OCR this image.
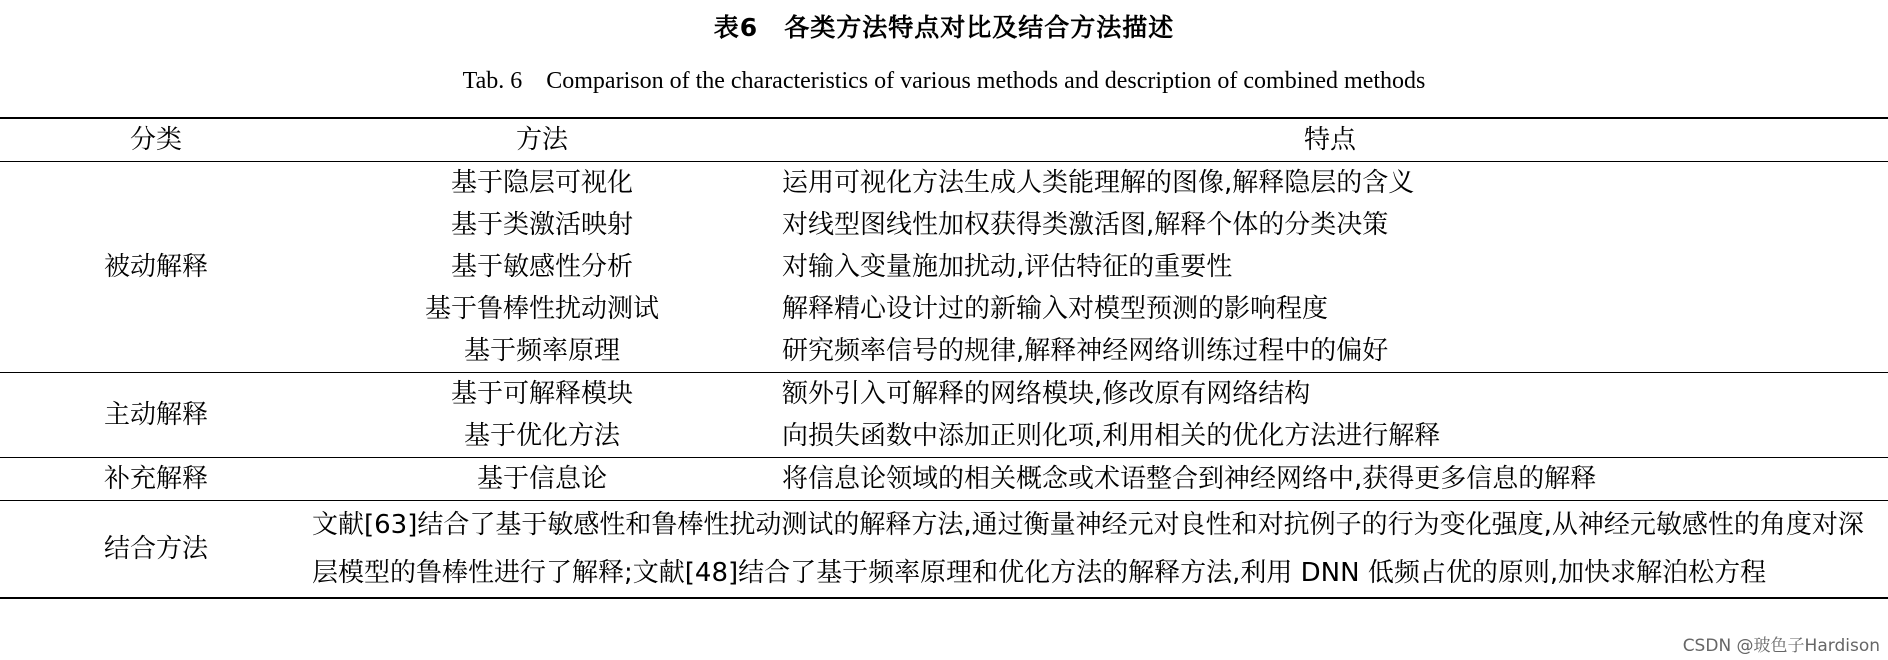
表6　各类方法特点对比及结合方法描述
Tab. 6　Comparison of the characteristics of various methods and description of combined methods
分类	方法	特点
被动解释	基于隐层可视化	运用可视化方法生成人类能理解的图像,解释隐层的含义
	基于类激活映射	对线型图线性加权获得类激活图,解释个体的分类决策
	基于敏感性分析	对输入变量施加扰动,评估特征的重要性
	基于鲁棒性扰动测试	解释精心设计过的新输入对模型预测的影响程度
	基于频率原理	研究频率信号的规律,解释神经网络训练过程中的偏好
主动解释	基于可解释模块	额外引入可解释的网络模块,修改原有网络结构
	基于优化方法	向损失函数中添加正则化项,利用相关的优化方法进行解释
补充解释	基于信息论	将信息论领域的相关概念或术语整合到神经网络中,获得更多信息的解释
结合方法	文献[63]结合了基于敏感性和鲁棒性扰动测试的解释方法,通过衡量神经元对良性和对抗例子的行为变化强度,从神经元敏感性的角度对深层模型的鲁棒性进行了解释;文献[48]结合了基于频率原理和优化方法的解释方法,利用 DNN 低频占优的原则,加快求解泊松方程	
CSDN @玻色子Hardison
